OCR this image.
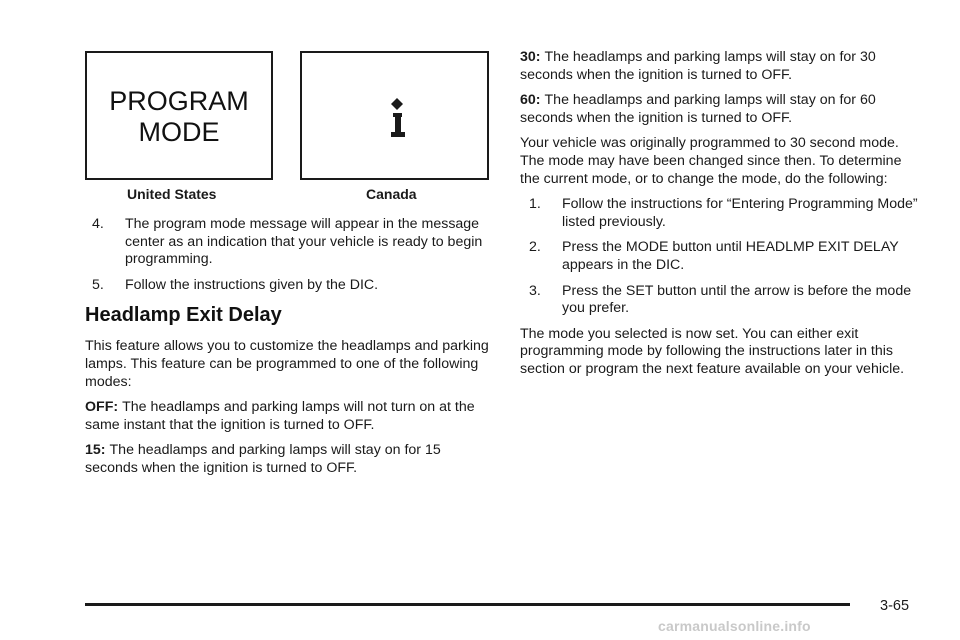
PROGRAM
MODE
United States	Canada
4.	The program mode message will appear in the message center as an indication that your vehicle is ready to begin programming.
5.	Follow the instructions given by the DIC.
Headlamp Exit Delay

This feature allows you to customize the headlamps and parking lamps. This feature can be programmed to one of the following modes:

OFF: The headlamps and parking lamps will not turn on at the same instant that the ignition is turned to OFF.

15: The headlamps and parking lamps will stay on for 15 seconds when the ignition is turned to OFF.

30: The headlamps and parking lamps will stay on for 30 seconds when the ignition is turned to OFF.

60: The headlamps and parking lamps will stay on for 60 seconds when the ignition is turned to OFF.

Your vehicle was originally programmed to 30 second mode. The mode may have been changed since then. To determine the current mode, or to change the mode, do the following:

1.	Follow the instructions for “Entering Programming Mode” listed previously.
2.	Press the MODE button until HEADLMP EXIT DELAY appears in the DIC.
3.	Press the SET button until the arrow is before the mode you prefer.

The mode you selected is now set. You can either exit programming mode by following the instructions later in this section or program the next feature available on your vehicle.

3-65
carmanualsonline.info
